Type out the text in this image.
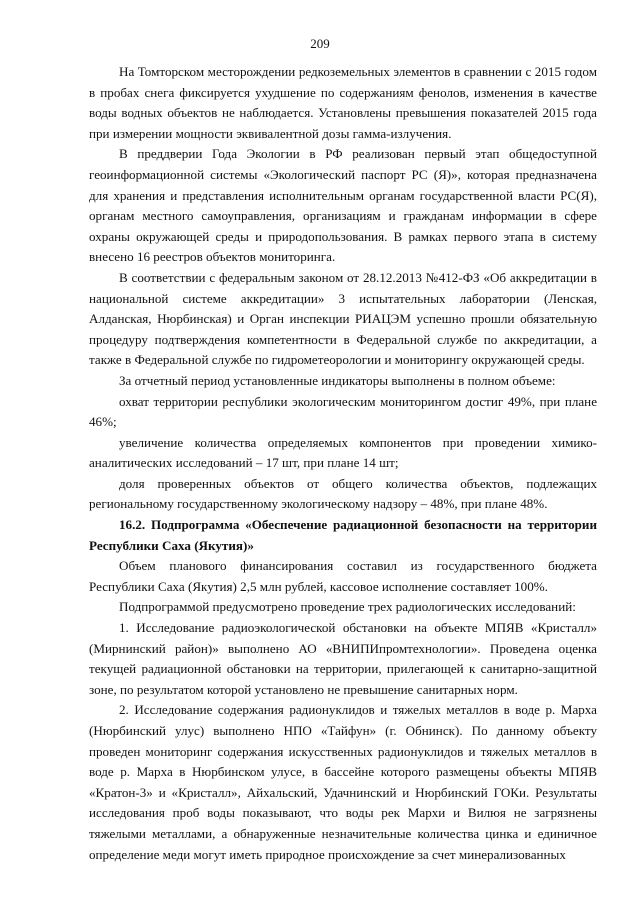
209

На Томторском месторождении редкоземельных элементов в сравнении с 2015 годом в пробах снега фиксируется ухудшение по содержаниям фенолов, изменения в качестве воды водных объектов не наблюдается. Установлены превышения показателей 2015 года при измерении мощности эквивалентной дозы гамма-излучения.

В преддверии Года Экологии в РФ реализован первый этап общедоступной геоинформационной системы «Экологический паспорт РС (Я)», которая предназначена для хранения и представления исполнительным органам государственной власти РС(Я), органам местного самоуправления, организациям и гражданам информации в сфере охраны окружающей среды и природопользования. В рамках первого этапа в систему внесено 16 реестров объектов мониторинга.

В соответствии с федеральным законом от 28.12.2013 №412-ФЗ «Об аккредитации в национальной системе аккредитации» 3 испытательных лаборатории (Ленская, Алданская, Нюрбинская) и Орган инспекции РИАЦЭМ успешно прошли обязательную процедуру подтверждения компетентности в Федеральной службе по аккредитации, а также в Федеральной службе по гидрометеорологии и мониторингу окружающей среды.

За отчетный период установленные индикаторы выполнены в полном объеме:

охват территории республики экологическим мониторингом достиг 49%, при плане 46%;

увеличение количества определяемых компонентов при проведении химико-аналитических исследований – 17 шт, при плане 14 шт;

доля проверенных объектов от общего количества объектов, подлежащих региональному государственному экологическому надзору – 48%, при плане 48%.

16.2. Подпрограмма «Обеспечение радиационной безопасности на территории Республики Саха (Якутия)»

Объем планового финансирования составил из государственного бюджета Республики Саха (Якутия) 2,5 млн рублей, кассовое исполнение составляет 100%.

Подпрограммой предусмотрено проведение трех радиологических исследований:

1. Исследование радиоэкологической обстановки на объекте МПЯВ «Кристалл» (Мирнинский район)» выполнено АО «ВНИПИпромтехнологии». Проведена оценка текущей радиационной обстановки на территории, прилегающей к санитарно-защитной зоне, по результатом которой установлено не превышение санитарных норм.

2. Исследование содержания радионуклидов и тяжелых металлов в воде р. Марха (Нюрбинский улус) выполнено НПО «Тайфун» (г. Обнинск). По данному объекту проведен мониторинг содержания искусственных радионуклидов и тяжелых металлов в воде р. Марха в Нюрбинском улусе, в бассейне которого размещены объекты МПЯВ «Кратон-3» и «Кристалл», Айхальский, Удачнинский и Нюрбинский ГОКи. Результаты исследования проб воды показывают, что воды рек Мархи и Вилюя не загрязнены тяжелыми металлами, а обнаруженные незначительные количества цинка и единичное определение меди могут иметь природное происхождение за счет минерализованных
